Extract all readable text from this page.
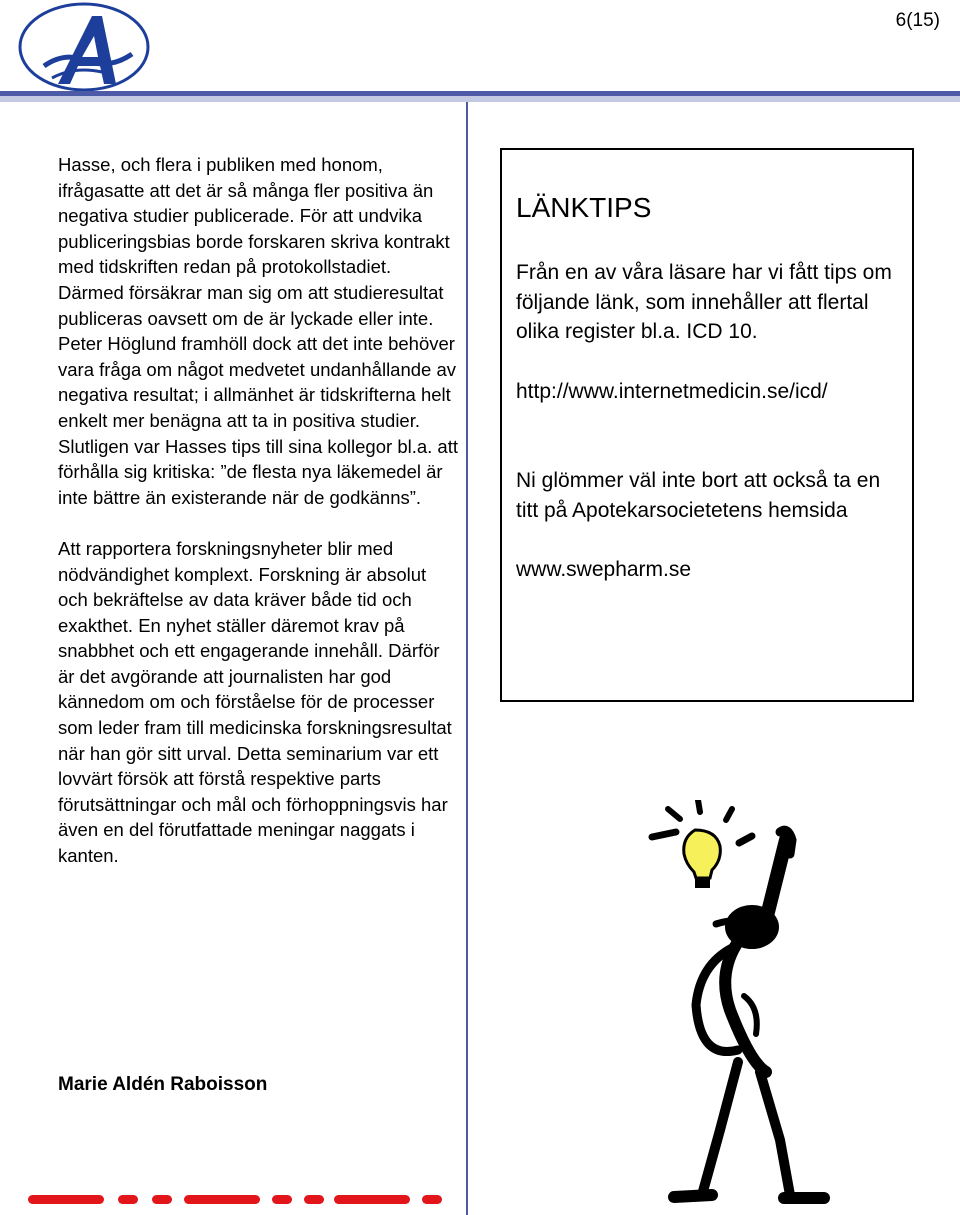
6(15)

Hasse, och flera i publiken med honom, ifrågasatte att det är så många fler positiva än negativa studier publicerade. För att undvika publiceringsbias borde forskaren skriva kontrakt med tidskriften redan på protokollstadiet. Därmed försäkrar man sig om att studieresultat publiceras oavsett om de är lyckade eller inte. Peter Höglund framhöll dock att det inte behöver vara fråga om något medvetet undanhållande av negativa resultat; i allmänhet är tidskrifterna helt enkelt mer benägna att ta in positiva studier.

Slutligen var Hasses tips till sina kollegor bl.a. att förhålla sig kritiska: ”de flesta nya läkemedel är inte bättre än existerande när de godkänns”.

Att rapportera forskningsnyheter blir med nödvändighet komplext. Forskning är absolut och bekräftelse av data kräver både tid och exakthet. En nyhet ställer däremot krav på snabbhet och ett engagerande innehåll. Därför är det avgörande att journalisten har god kännedom om och förståelse för de processer som leder fram till medicinska forskningsresultat när han gör sitt urval. Detta seminarium var ett lovvärt försök att förstå respektive parts förutsättningar och mål och förhoppningsvis har även en del förutfattade meningar naggats i kanten.

Marie Aldén Raboisson
LÄNKTIPS

Från en av våra läsare har vi fått tips om följande länk, som innehåller att flertal olika register bl.a. ICD 10.

http://www.internetmedicin.se/icd/

Ni glömmer väl inte bort att också ta en titt på Apotekarsocietetens hemsida

www.swepharm.se
